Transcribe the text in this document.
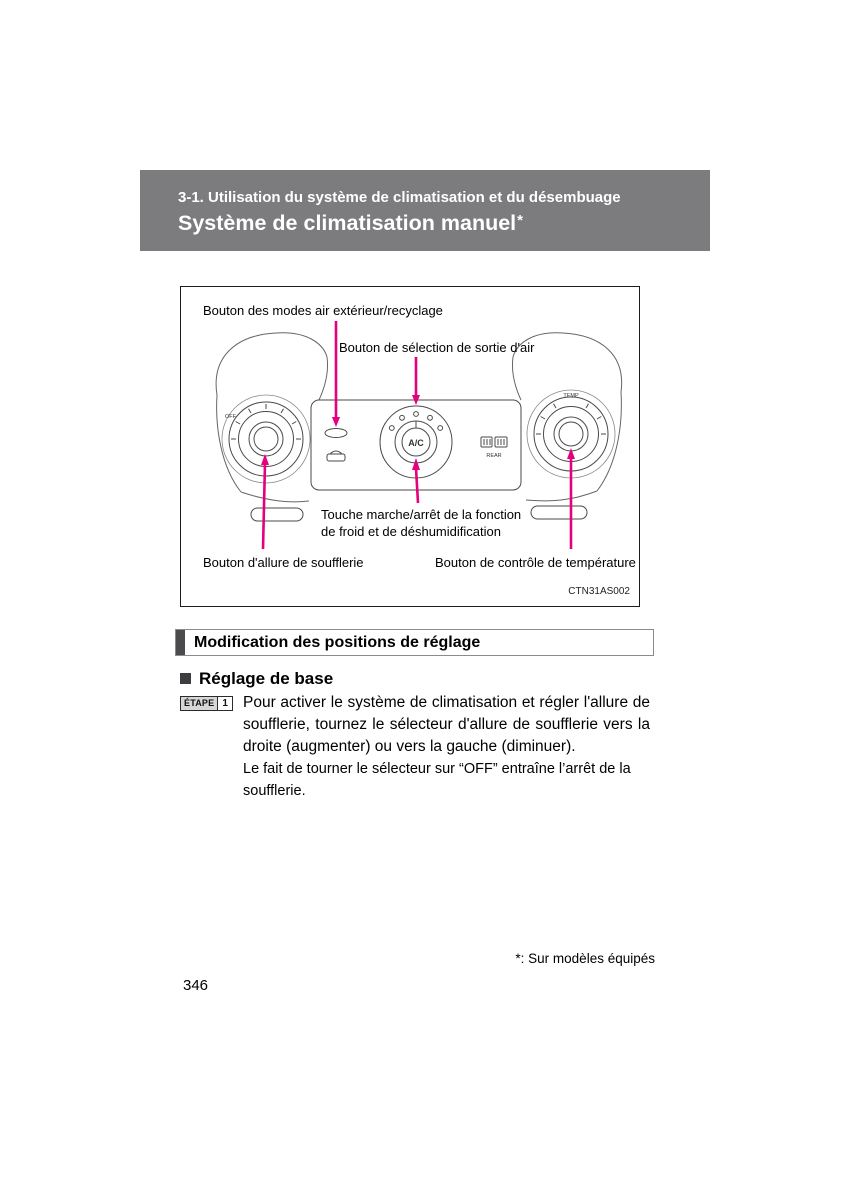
3-1. Utilisation du système de climatisation et du désembuage
Système de climatisation manuel*
OFF
A/C
REAR
TEMP
Bouton des modes air extérieur/recyclage
Bouton de sélection de sortie d'air
Touche marche/arrêt de la fonction
de froid et de déshumidification
Bouton d'allure de soufflerie	Bouton de contrôle de température
CTN31AS002
Modification des positions de réglage
Réglage de base
ÉTAPE 1 Pour activer le système de climatisation et régler l'allure de soufflerie, tournez le sélecteur d'allure de soufflerie vers la droite (augmenter) ou vers la gauche (diminuer).

Le fait de tourner le sélecteur sur “OFF” entraîne l’arrêt de la soufflerie.

*: Sur modèles équipés
346
